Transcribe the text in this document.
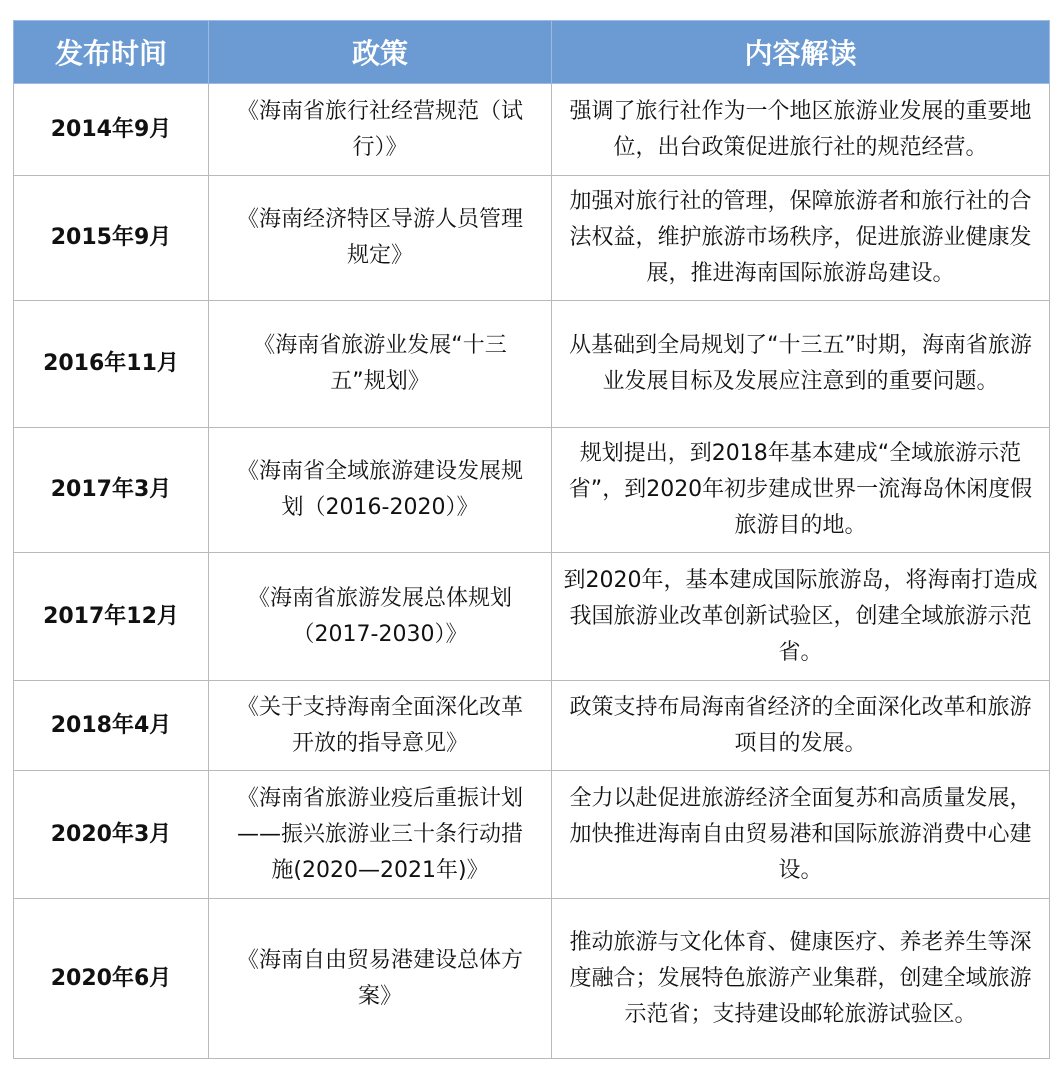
发布时间	政策	内容解读
2014年9月	《海南省旅行社经营规范（试行）》	强调了旅行社作为一个地区旅游业发展的重要地位，出台政策促进旅行社的规范经营。
2015年9月	《海南经济特区导游人员管理规定》	加强对旅行社的管理，保障旅游者和旅行社的合法权益，维护旅游市场秩序，促进旅游业健康发展，推进海南国际旅游岛建设。
2016年11月	《海南省旅游业发展“十三五”规划》	从基础到全局规划了“十三五”时期，海南省旅游业发展目标及发展应注意到的重要问题。
2017年3月	《海南省全域旅游建设发展规划（2016-2020）》	规划提出，到2018年基本建成“全域旅游示范省”，到2020年初步建成世界一流海岛休闲度假旅游目的地。
2017年12月	《海南省旅游发展总体规划（2017-2030）》	到2020年，基本建成国际旅游岛，将海南打造成我国旅游业改革创新试验区，创建全域旅游示范省。
2018年4月	《关于支持海南全面深化改革开放的指导意见》	政策支持布局海南省经济的全面深化改革和旅游项目的发展。
2020年3月	《海南省旅游业疫后重振计划——振兴旅游业三十条行动措施(2020—2021年)》	全力以赴促进旅游经济全面复苏和高质量发展，加快推进海南自由贸易港和国际旅游消费中心建设。
2020年6月	《海南自由贸易港建设总体方案》	推动旅游与文化体育、健康医疗、养老养生等深度融合；发展特色旅游产业集群，创建全域旅游示范省；支持建设邮轮旅游试验区。
